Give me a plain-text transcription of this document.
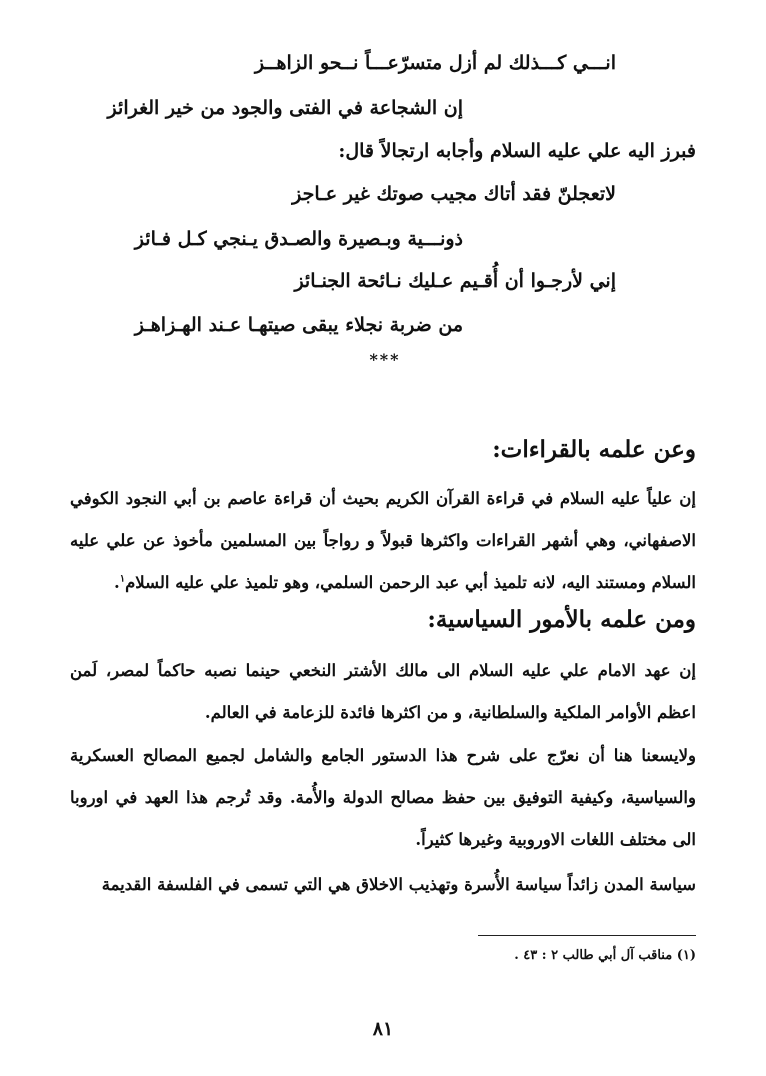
انـــي كـــذلك لم أزل متسرّعـــاً نــحو الزاهــز
إن الشجاعة في الفتى والجود من خير الغرائز
فبرز اليه علي عليه السلام وأجابه ارتجالاً قال:
لاتعجلنّ فقد أتاك مجيب صوتك غير عـاجز
ذونـــية وبـصيرة والصـدق يـنجي كـل فـائز
إني لأرجـوا أن أُقـيم عـليك نـائحة الجنـائز
من ضربة نجلاء يبقى صيتهـا عـند الهـزاهـز
***
وعن علمه بالقراءات:
إن علياً عليه السلام في قراءة القرآن الكريم بحيث أن قراءة عاصم بن أبي النجود الكوفي الاصفهاني، وهي أشهر القراءات واكثرها قبولاً و رواجاً بين المسلمين مأخوذ عن علي عليه السلام ومستند اليه، لانه تلميذ أبي عبد الرحمن السلمي، وهو تلميذ علي عليه السلام$^١$.
ومن علمه بالأمور السياسية:
إن عهد الامام علي عليه السلام الى مالك الأشتر النخعي حينما نصبه حاكماً لمصر، لَمن اعظم الأوامر الملكية والسلطانية، و من اكثرها فائدة للزعامة في العالم.
ولايسعنا هنا أن نعرّج على شرح هذا الدستور الجامع والشامل لجميع المصالح العسكرية والسياسية، وكيفية التوفيق بين حفظ مصالح الدولة والأُمة. وقد تُرجم هذا العهد في اوروبا الى مختلف اللغات الاوروبية وغيرها كثيراً.
سياسة المدن زائداً سياسة الأُسرة وتهذيب الاخلاق هي التي تسمى في الفلسفة القديمة
(١) مناقب آل أبي طالب ٢ : ٤٣ .
٨١
